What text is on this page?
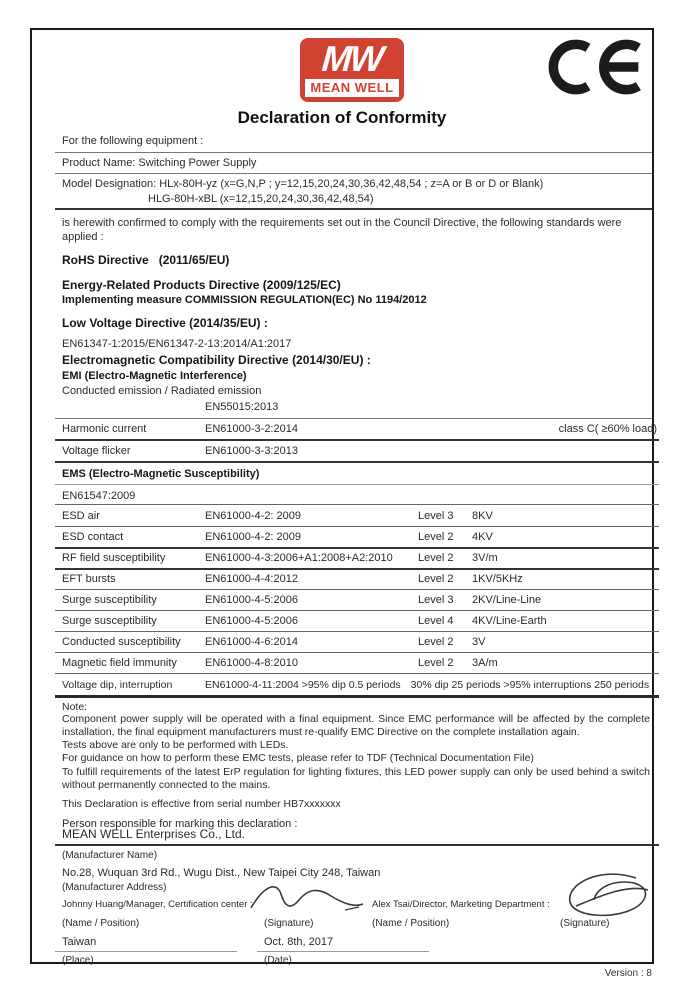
MW
MEAN WELL
Declaration of Conformity
For the following equipment :
Product Name: Switching Power Supply
Model Designation: HLx-80H-yz (x=G,N,P ; y=12,15,20,24,30,36,42,48,54 ; z=A or B or D or Blank)
HLG-80H-xBL (x=12,15,20,24,30,36,42,48,54)
is herewith confirmed to comply with the requirements set out in the Council Directive, the following standards were applied :
RoHS Directive   (2011/65/EU)
Energy-Related Products Directive (2009/125/EC)
Implementing measure COMMISSION REGULATION(EC) No 1194/2012
Low Voltage Directive (2014/35/EU) :
EN61347-1:2015/EN61347-2-13:2014/A1:2017
Electromagnetic Compatibility Directive (2014/30/EU) :
EMI (Electro-Magnetic Interference)
Conducted emission / Radiated emission
EN55015:2013
Harmonic current	EN61000-3-2:2014	class C( ≥60% load)
Voltage flicker	EN61000-3-3:2013
EMS (Electro-Magnetic Susceptibility)
EN61547:2009
ESD air	EN61000-4-2: 2009	Level 3	8KV
ESD contact	EN61000-4-2: 2009	Level 2	4KV
RF field susceptibility	EN61000-4-3:2006+A1:2008+A2:2010	Level 2	3V/m
EFT bursts	EN61000-4-4:2012	Level 2	1KV/5KHz
Surge susceptibility	EN61000-4-5:2006	Level 3	2KV/Line-Line
Surge susceptibility	EN61000-4-5:2006	Level 4	4KV/Line-Earth
Conducted susceptibility	EN61000-4-6:2014	Level 2	3V
Magnetic field immunity	EN61000-4-8:2010	Level 2	3A/m
Voltage dip, interruption	EN61000-4-11:2004 >95% dip 0.5 periods 30% dip 25 periods >95% interruptions 250 periods
Note:
Component power supply will be operated with a final equipment. Since EMC performance will be affected by the complete installation, the final equipment manufacturers must re-qualify EMC Directive on the complete installation again.
Tests above are only to be performed with LEDs.
For guidance on how to perform these EMC tests, please refer to TDF (Technical Documentation File)
To fulfill requirements of the latest ErP regulation for lighting fixtures, this LED power supply can only be used behind a switch without permanently connected to the mains.
This Declaration is effective from serial number HB7xxxxxxx
Person responsible for marking this declaration :
MEAN WELL Enterprises Co., Ltd.
(Manufacturer Name)
No.28, Wuquan 3rd Rd., Wugu Dist., New Taipei City 248, Taiwan
(Manufacturer Address)
Johnny Huang/Manager, Certification center :	Alex Tsai/Director, Marketing Department :
(Name / Position)	(Signature)	(Name / Position)	(Signature)
Taiwan	Oct. 8th, 2017
(Place)	(Date)
Version : 8
